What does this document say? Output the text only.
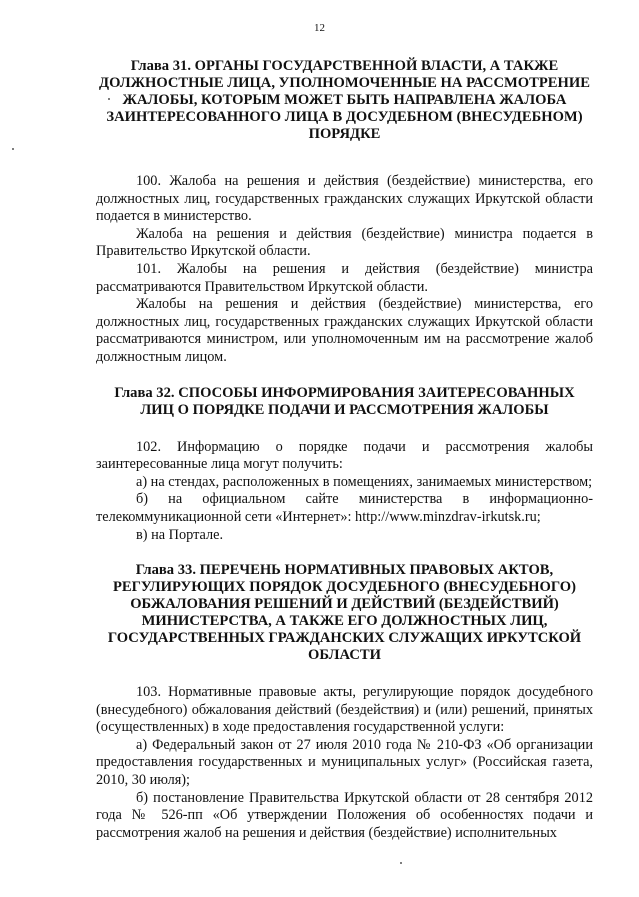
12
Глава 31. ОРГАНЫ ГОСУДАРСТВЕННОЙ ВЛАСТИ, А ТАКЖЕ ДОЛЖНОСТНЫЕ ЛИЦА, УПОЛНОМОЧЕННЫЕ НА РАССМОТРЕНИЕ ЖАЛОБЫ, КОТОРЫМ МОЖЕТ БЫТЬ НАПРАВЛЕНА ЖАЛОБА ЗАИНТЕРЕСОВАННОГО ЛИЦА В ДОСУДЕБНОМ (ВНЕСУДЕБНОМ) ПОРЯДКЕ

100. Жалоба на решения и действия (бездействие) министерства, его должностных лиц, государственных гражданских служащих Иркутской области подается в министерство.

Жалоба на решения и действия (бездействие) министра подается в Правительство Иркутской области.

101. Жалобы на решения и действия (бездействие) министра рассматриваются Правительством Иркутской области.

Жалобы на решения и действия (бездействие) министерства, его должностных лиц, государственных гражданских служащих Иркутской области рассматриваются министром, или уполномоченным им на рассмотрение жалоб должностным лицом.

Глава 32. СПОСОБЫ ИНФОРМИРОВАНИЯ ЗАИТЕРЕСОВАННЫХ ЛИЦ О ПОРЯДКЕ ПОДАЧИ И РАССМОТРЕНИЯ ЖАЛОБЫ

102. Информацию о порядке подачи и рассмотрения жалобы заинтересованные лица могут получить:

а) на стендах, расположенных в помещениях, занимаемых министерством;

б) на официальном сайте министерства в информационно-телекоммуникационной сети «Интернет»: http://www.minzdrav-irkutsk.ru;

в) на Портале.

Глава 33. ПЕРЕЧЕНЬ НОРМАТИВНЫХ ПРАВОВЫХ АКТОВ, РЕГУЛИРУЮЩИХ ПОРЯДОК ДОСУДЕБНОГО (ВНЕСУДЕБНОГО) ОБЖАЛОВАНИЯ РЕШЕНИЙ И ДЕЙСТВИЙ (БЕЗДЕЙСТВИЙ) МИНИСТЕРСТВА, А ТАКЖЕ ЕГО ДОЛЖНОСТНЫХ ЛИЦ, ГОСУДАРСТВЕННЫХ ГРАЖДАНСКИХ СЛУЖАЩИХ ИРКУТСКОЙ ОБЛАСТИ

103. Нормативные правовые акты, регулирующие порядок досудебного (внесудебного) обжалования действий (бездействия) и (или) решений, принятых (осуществленных) в ходе предоставления государственной услуги:

а) Федеральный закон от 27 июля 2010 года № 210-ФЗ «Об организации предоставления государственных и муниципальных услуг» (Российская газета, 2010, 30 июля);

б) постановление Правительства Иркутской области от 28 сентября 2012 года № 526-пп «Об утверждении Положения об особенностях подачи и рассмотрения жалоб на решения и действия (бездействие) исполнительных
